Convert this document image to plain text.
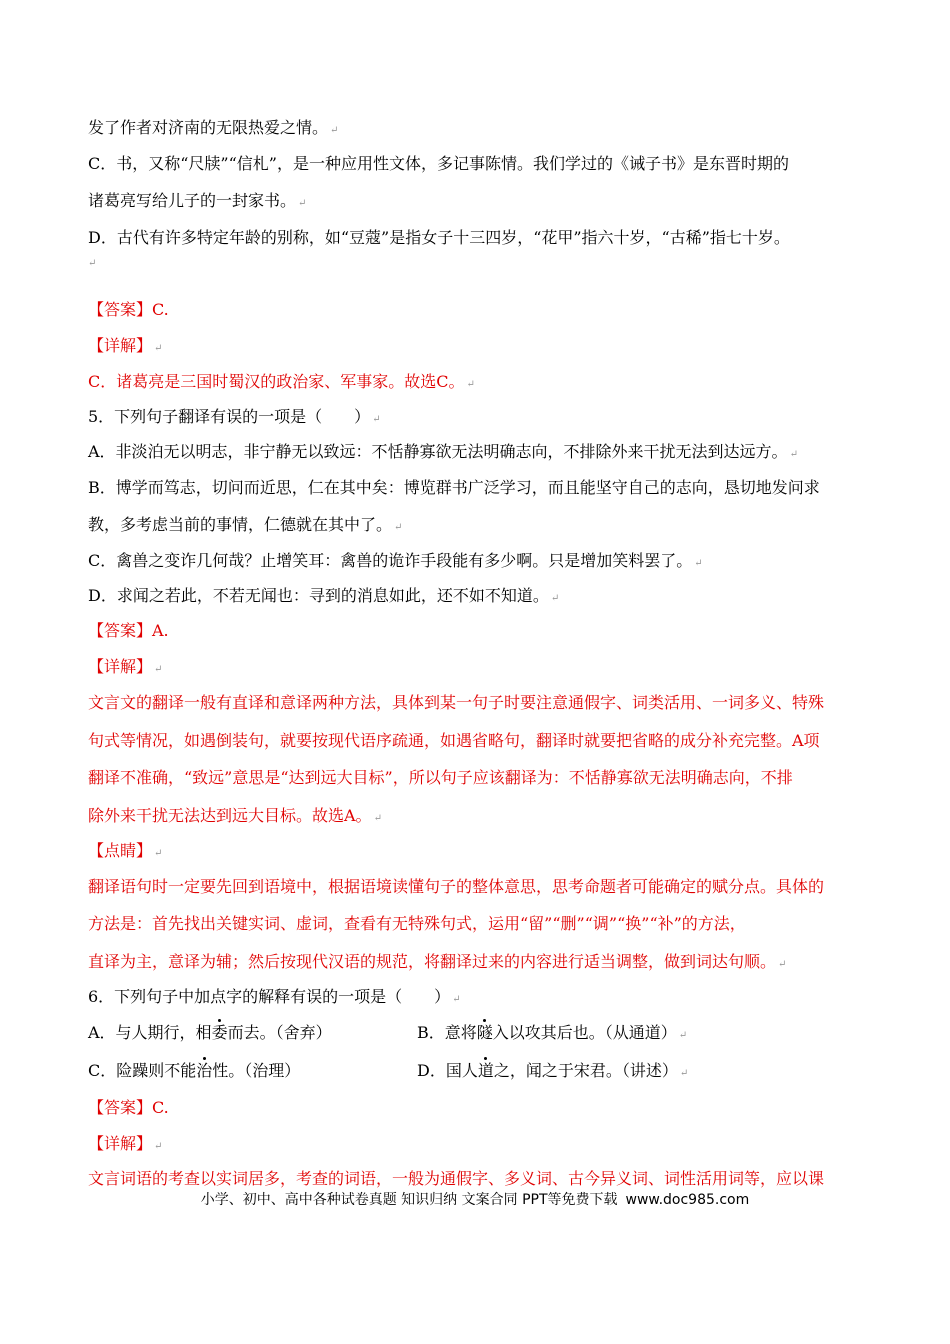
发了作者对济南的无限热爱之情。 ↵
C．书，又称“尺牍”“信札”，是一种应用性文体，多记事陈情。我们学过的《诫子书》是东晋时期的
诸葛亮写给儿子的一封家书。 ↵
D．古代有许多特定年龄的别称，如“豆蔻”是指女子十三四岁，“花甲”指六十岁，“古稀”指七十岁。
↵
【答案】C.
【详解】 ↵
C．诸葛亮是三国时蜀汉的政治家、军事家。故选C。 ↵
5．下列句子翻译有误的一项是（　　） ↵
A．非淡泊无以明志，非宁静无以致远：不恬静寡欲无法明确志向，不排除外来干扰无法到达远方。 ↵
B．博学而笃志，切问而近思，仁在其中矣：博览群书广泛学习，而且能坚守自己的志向，恳切地发问求
教，多考虑当前的事情，仁德就在其中了。 ↵
C．禽兽之变诈几何哉？止增笑耳：禽兽的诡诈手段能有多少啊。只是增加笑料罢了。 ↵
D．求闻之若此，不若无闻也：寻到的消息如此，还不如不知道。 ↵
【答案】A.
【详解】 ↵
文言文的翻译一般有直译和意译两种方法，具体到某一句子时要注意通假字、词类活用、一词多义、特殊
句式等情况，如遇倒装句，就要按现代语序疏通，如遇省略句，翻译时就要把省略的成分补充完整。A项
翻译不准确，“致远”意思是“达到远大目标”，所以句子应该翻译为：不恬静寡欲无法明确志向，不排
除外来干扰无法达到远大目标。故选A。 ↵
【点睛】 ↵
翻译语句时一定要先回到语境中，根据语境读懂句子的整体意思，思考命题者可能确定的赋分点。具体的
方法是：首先找出关键实词、虚词，查看有无特殊句式，运用“留”“删”“调”“换”“补”的方法，
直译为主，意译为辅；然后按现代汉语的规范，将翻译过来的内容进行适当调整，做到词达句顺。 ↵
6．下列句子中加点字的解释有误的一项是（　　） ↵
A．与人期行，相委而去。（舍弃）	B．意将隧入以攻其后也。（从通道） ↵
C．险躁则不能治性。（治理）	D．国人道之，闻之于宋君。（讲述） ↵
【答案】C.
【详解】 ↵
文言词语的考查以实词居多，考查的词语，一般为通假字、多义词、古今异义词、词性活用词等，应以课
小学、初中、高中各种试卷真题 知识归纳 文案合同 PPT等免费下载 www.doc985.com
